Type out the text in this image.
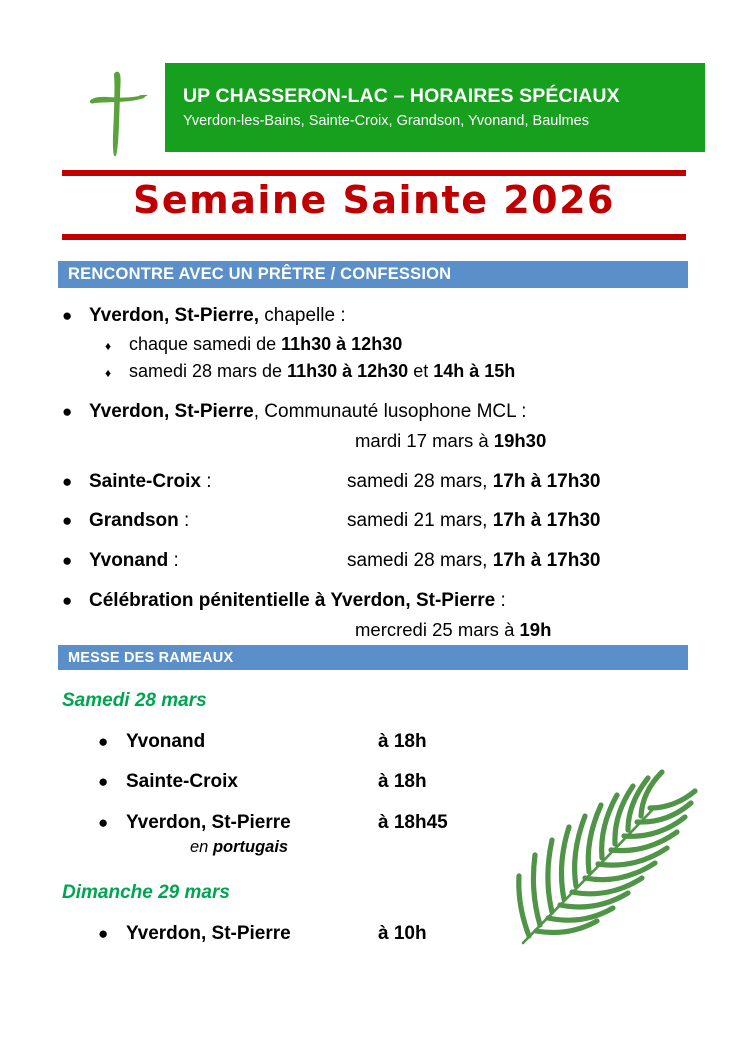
UP CHASSERON-LAC – HORAIRES SPÉCIAUX
Yverdon-les-Bains, Sainte-Croix, Grandson, Yvonand, Baulmes
Semaine Sainte 2026
RENCONTRE AVEC UN PRÊTRE / CONFESSION
● Yverdon, St-Pierre, chapelle :
♦ chaque samedi de 11h30 à 12h30
♦ samedi 28 mars de 11h30 à 12h30 et 14h à 15h
● Yverdon, St-Pierre, Communauté lusophone MCL :
mardi 17 mars à 19h30
● Sainte-Croix :	samedi 28 mars, 17h à 17h30
● Grandson :	samedi 21 mars, 17h à 17h30
● Yvonand :	samedi 28 mars, 17h à 17h30
● Célébration pénitentielle à Yverdon, St-Pierre :
mercredi 25 mars à 19h
MESSE DES RAMEAUX
Samedi 28 mars
● Yvonand	à 18h
● Sainte-Croix	à 18h
● Yverdon, St-Pierre	à 18h45
en portugais
Dimanche 29 mars
● Yverdon, St-Pierre	à 10h
